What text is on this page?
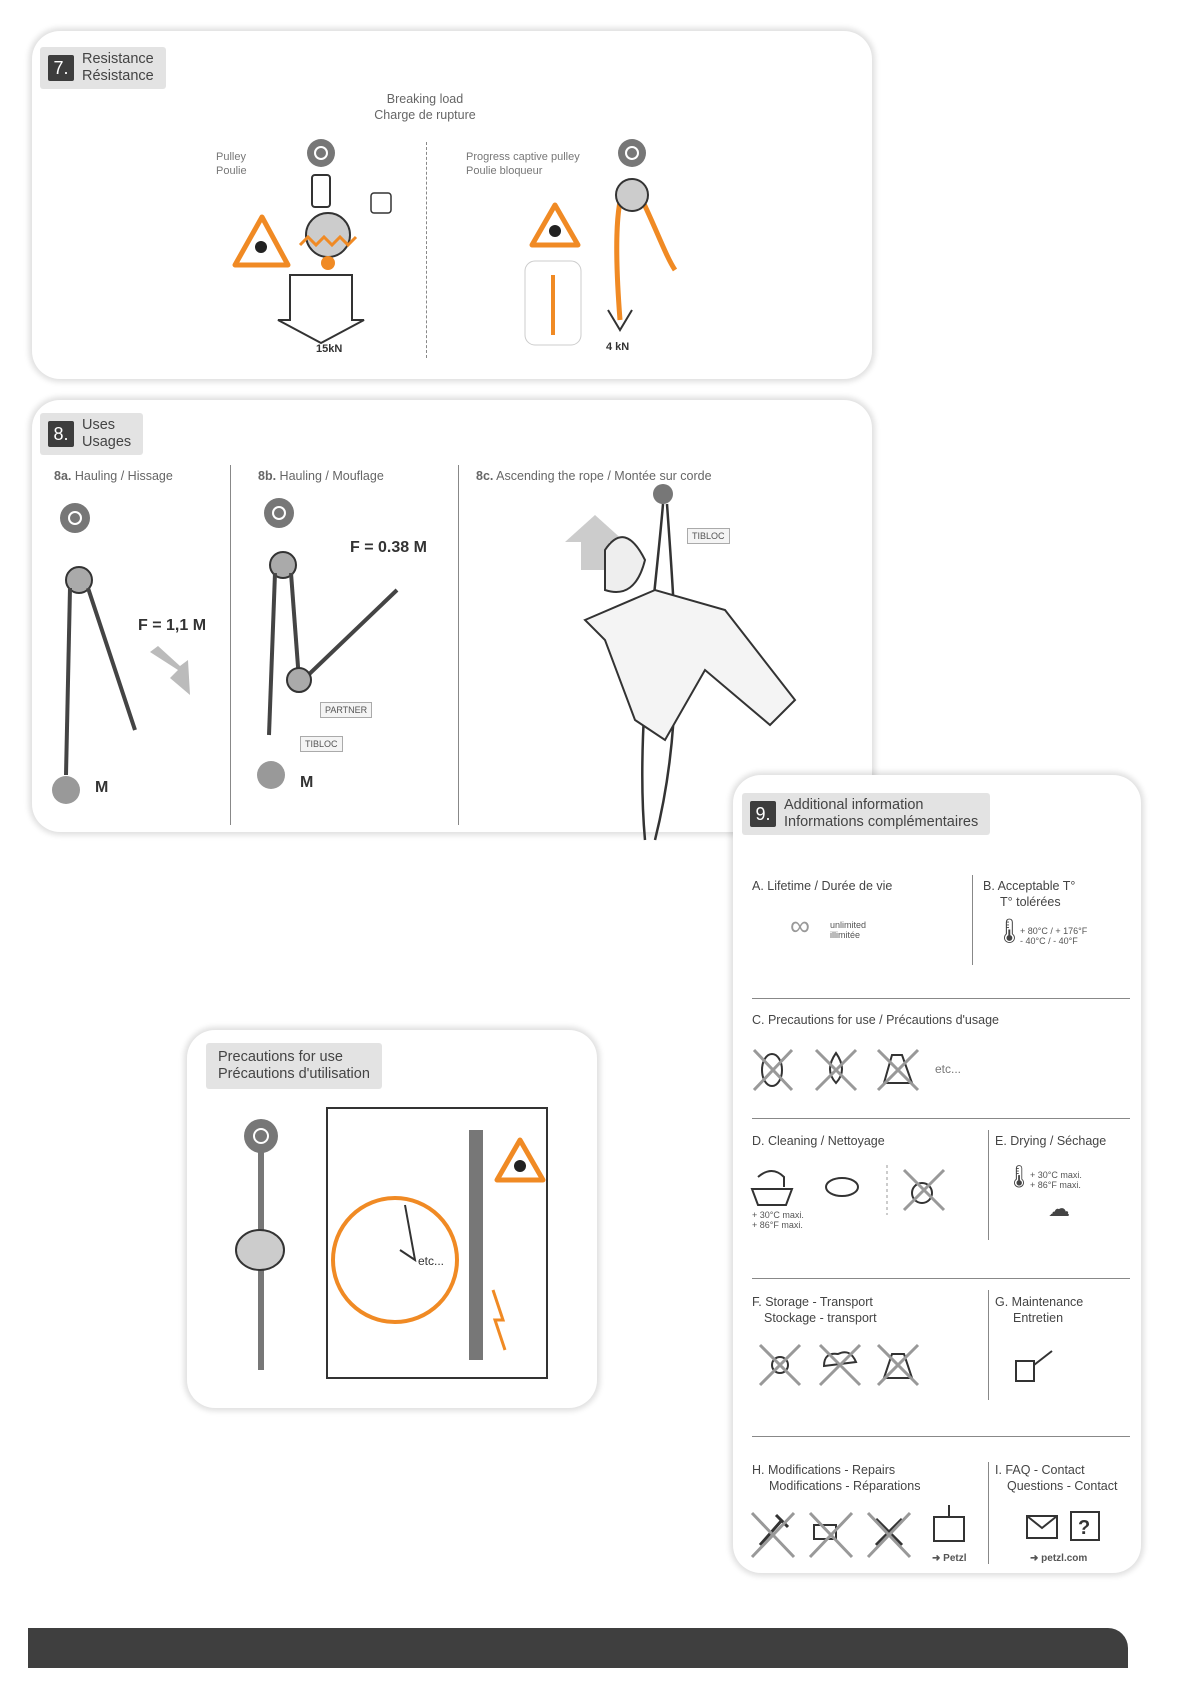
7. Resistance
Résistance
Breaking load
Charge de rupture
Pulley
Poulie
Progress captive pulley
Poulie bloqueur
15kN	4 kN
8. Uses
Usages
8a. Hauling / Hissage	8b. Hauling / Mouflage	8c. Ascending the rope / Montée sur corde
F = 1,1 M
M
F = 0.38 M
PARTNER
TIBLOC
M
TIBLOC
Precautions for use
Précautions d'utilisation
etc...
9. Additional information
Informations complémentaires
A. Lifetime / Durée de vie
∞ unlimited
illimitée
B. Acceptable T°
T° tolérées
🌡
+ 80°C / + 176°F
- 40°C / - 40°F
C. Precautions for use / Précautions d'usage
etc...
D. Cleaning / Nettoyage
+ 30°C maxi.
+ 86°F maxi.
E. Drying / Séchage
🌡
+ 30°C maxi.
+ 86°F maxi.
☁
F. Storage - Transport
Stockage - transport
G. Maintenance
Entretien
H. Modifications - Repairs
Modifications - Réparations
➜ Petzl
I. FAQ - Contact
Questions - Contact
?
➜ petzl.com
